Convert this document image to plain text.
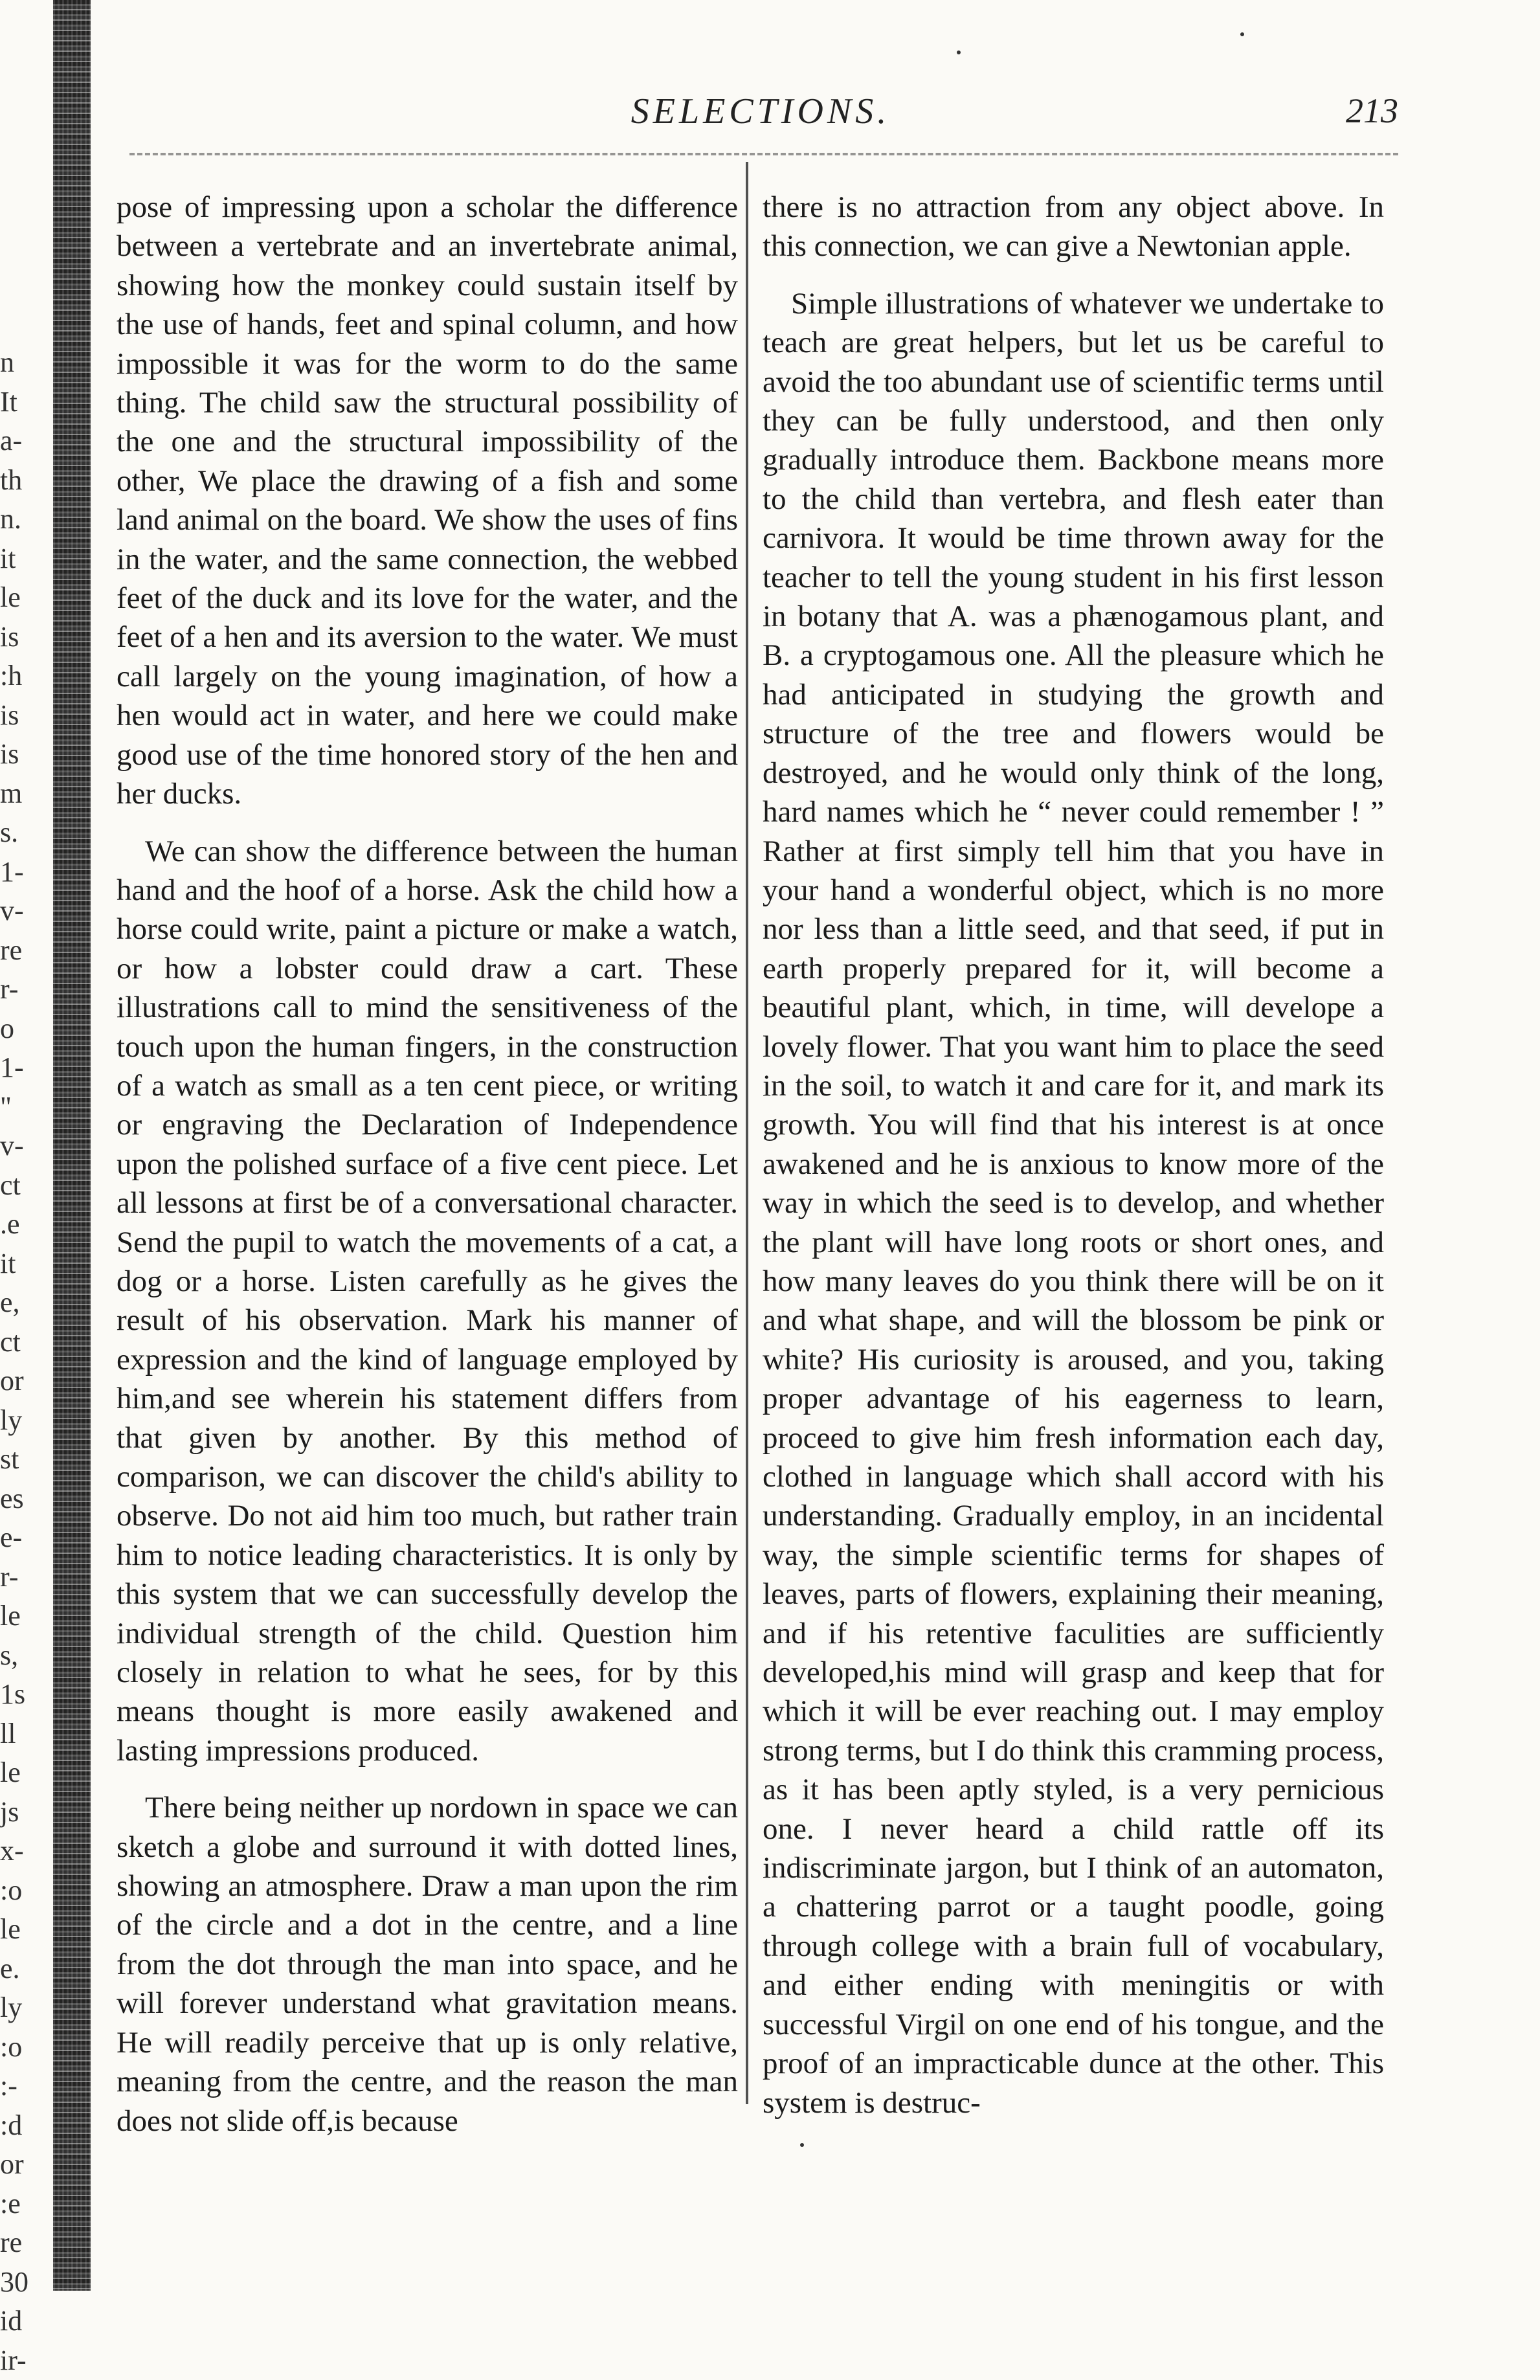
n
It
a-
th
n.
it
le
is
:h
is
is
m
s.
1-
v-
re
r-
o
1-
"
v-
ct
.e
it
e,
ct
or
ly
st
es
e-
r-
le
s,
1s
ll
le
js
x-
:o
le
e.
ly
:o
:-
:d
or
:e
re
30
id
ir-
SELECTIONS.	213

pose of impressing upon a scholar the difference between a vertebrate and an invertebrate animal, showing how the monkey could sustain itself by the use of hands, feet and spinal column, and how impossible it was for the worm to do the same thing. The child saw the structural possibility of the one and the structural impossibility of the other, We place the drawing of a fish and some land animal on the board. We show the uses of fins in the water, and the same connection, the webbed feet of the duck and its love for the water, and the feet of a hen and its aversion to the water. We must call largely on the young imagination, of how a hen would act in water, and here we could make good use of the time honored story of the hen and her ducks.

We can show the difference between the human hand and the hoof of a horse. Ask the child how a horse could write, paint a picture or make a watch, or how a lobster could draw a cart. These illustrations call to mind the sensitiveness of the touch upon the human fingers, in the construction of a watch as small as a ten cent piece, or writing or engraving the Declaration of Independence upon the polished surface of a five cent piece. Let all lessons at first be of a conversational character. Send the pupil to watch the movements of a cat, a dog or a horse. Listen carefully as he gives the result of his observation. Mark his manner of expression and the kind of language employed by him,and see wherein his statement differs from that given by another. By this method of comparison, we can discover the child's ability to observe. Do not aid him too much, but rather train him to notice leading characteristics. It is only by this system that we can successfully develop the individual strength of the child. Question him closely in relation to what he sees, for by this means thought is more easily awakened and lasting impressions produced.

There being neither up nordown in space we can sketch a globe and surround it with dotted lines, showing an atmosphere. Draw a man upon the rim of the circle and a dot in the centre, and a line from the dot through the man into space, and he will forever understand what gravitation means. He will readily perceive that up is only relative, meaning from the centre, and the reason the man does not slide off,is because

there is no attraction from any object above. In this connection, we can give a Newtonian apple.

Simple illustrations of whatever we undertake to teach are great helpers, but let us be careful to avoid the too abundant use of scientific terms until they can be fully understood, and then only gradually introduce them. Backbone means more to the child than vertebra, and flesh eater than carnivora. It would be time thrown away for the teacher to tell the young student in his first lesson in botany that A. was a phænogamous plant, and B. a cryptogamous one. All the pleasure which he had anticipated in studying the growth and structure of the tree and flowers would be destroyed, and he would only think of the long, hard names which he “ never could remember ! ” Rather at first simply tell him that you have in your hand a wonderful object, which is no more nor less than a little seed, and that seed, if put in earth properly prepared for it, will become a beautiful plant, which, in time, will develope a lovely flower. That you want him to place the seed in the soil, to watch it and care for it, and mark its growth. You will find that his interest is at once awakened and he is anxious to know more of the way in which the seed is to develop, and whether the plant will have long roots or short ones, and how many leaves do you think there will be on it and what shape, and will the blossom be pink or white? His curiosity is aroused, and you, taking proper advantage of his eagerness to learn, proceed to give him fresh information each day, clothed in language which shall accord with his understanding. Gradually employ, in an incidental way, the simple scientific terms for shapes of leaves, parts of flowers, explaining their meaning, and if his retentive faculities are sufficiently developed,his mind will grasp and keep that for which it will be ever reaching out. I may employ strong terms, but I do think this cramming process, as it has been aptly styled, is a very pernicious one. I never heard a child rattle off its indiscriminate jargon, but I think of an automaton, a chattering parrot or a taught poodle, going through college with a brain full of vocabulary, and either ending with meningitis or with successful Virgil on one end of his tongue, and the proof of an impracticable dunce at the other. This system is destruc-
